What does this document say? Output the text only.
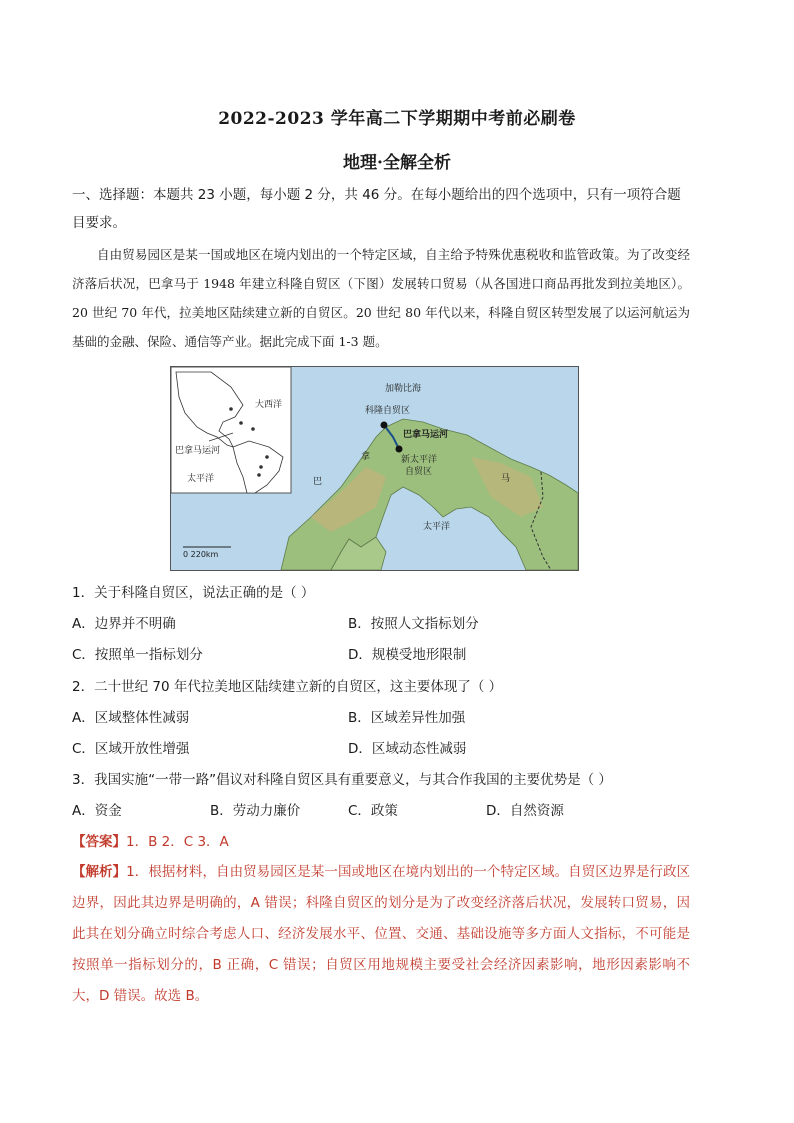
2022-2023 学年高二下学期期中考前必刷卷
地理·全解全析
一、选择题：本题共 23 小题，每小题 2 分，共 46 分。在每小题给出的四个选项中，只有一项符合题目要求。
自由贸易园区是某一国或地区在境内划出的一个特定区域，自主给予特殊优惠税收和监管政策。为了改变经济落后状况，巴拿马于 1948 年建立科隆自贸区（下图）发展转口贸易（从各国进口商品再批发到拉美地区）。20 世纪 70 年代，拉美地区陆续建立新的自贸区。20 世纪 80 年代以来，科隆自贸区转型发展了以运河航运为基础的金融、保险、通信等产业。据此完成下面 1-3 题。
大西洋
巴拿马运河
太平洋
加勒比海
科隆自贸区
巴拿马运河
新太平洋
自贸区
拿
巴	马
太平洋
0 220km
1．关于科隆自贸区，说法正确的是（ ）
A．边界并不明确	B．按照人文指标划分
C．按照单一指标划分	D．规模受地形限制
2．二十世纪 70 年代拉美地区陆续建立新的自贸区，这主要体现了（ ）
A．区域整体性减弱	B．区域差异性加强
C．区域开放性增强	D．区域动态性减弱
3．我国实施“一带一路”倡议对科隆自贸区具有重要意义，与其合作我国的主要优势是（ ）
A．资金	B．劳动力廉价	C．政策	D．自然资源
【答案】1．B 2．C 3．A
【解析】1．根据材料，自由贸易园区是某一国或地区在境内划出的一个特定区域。自贸区边界是行政区边界，因此其边界是明确的，A 错误；科隆自贸区的划分是为了改变经济落后状况，发展转口贸易，因此其在划分确立时综合考虑人口、经济发展水平、位置、交通、基础设施等多方面人文指标，不可能是按照单一指标划分的，B 正确，C 错误；自贸区用地规模主要受社会经济因素影响，地形因素影响不大，D 错误。故选 B。
